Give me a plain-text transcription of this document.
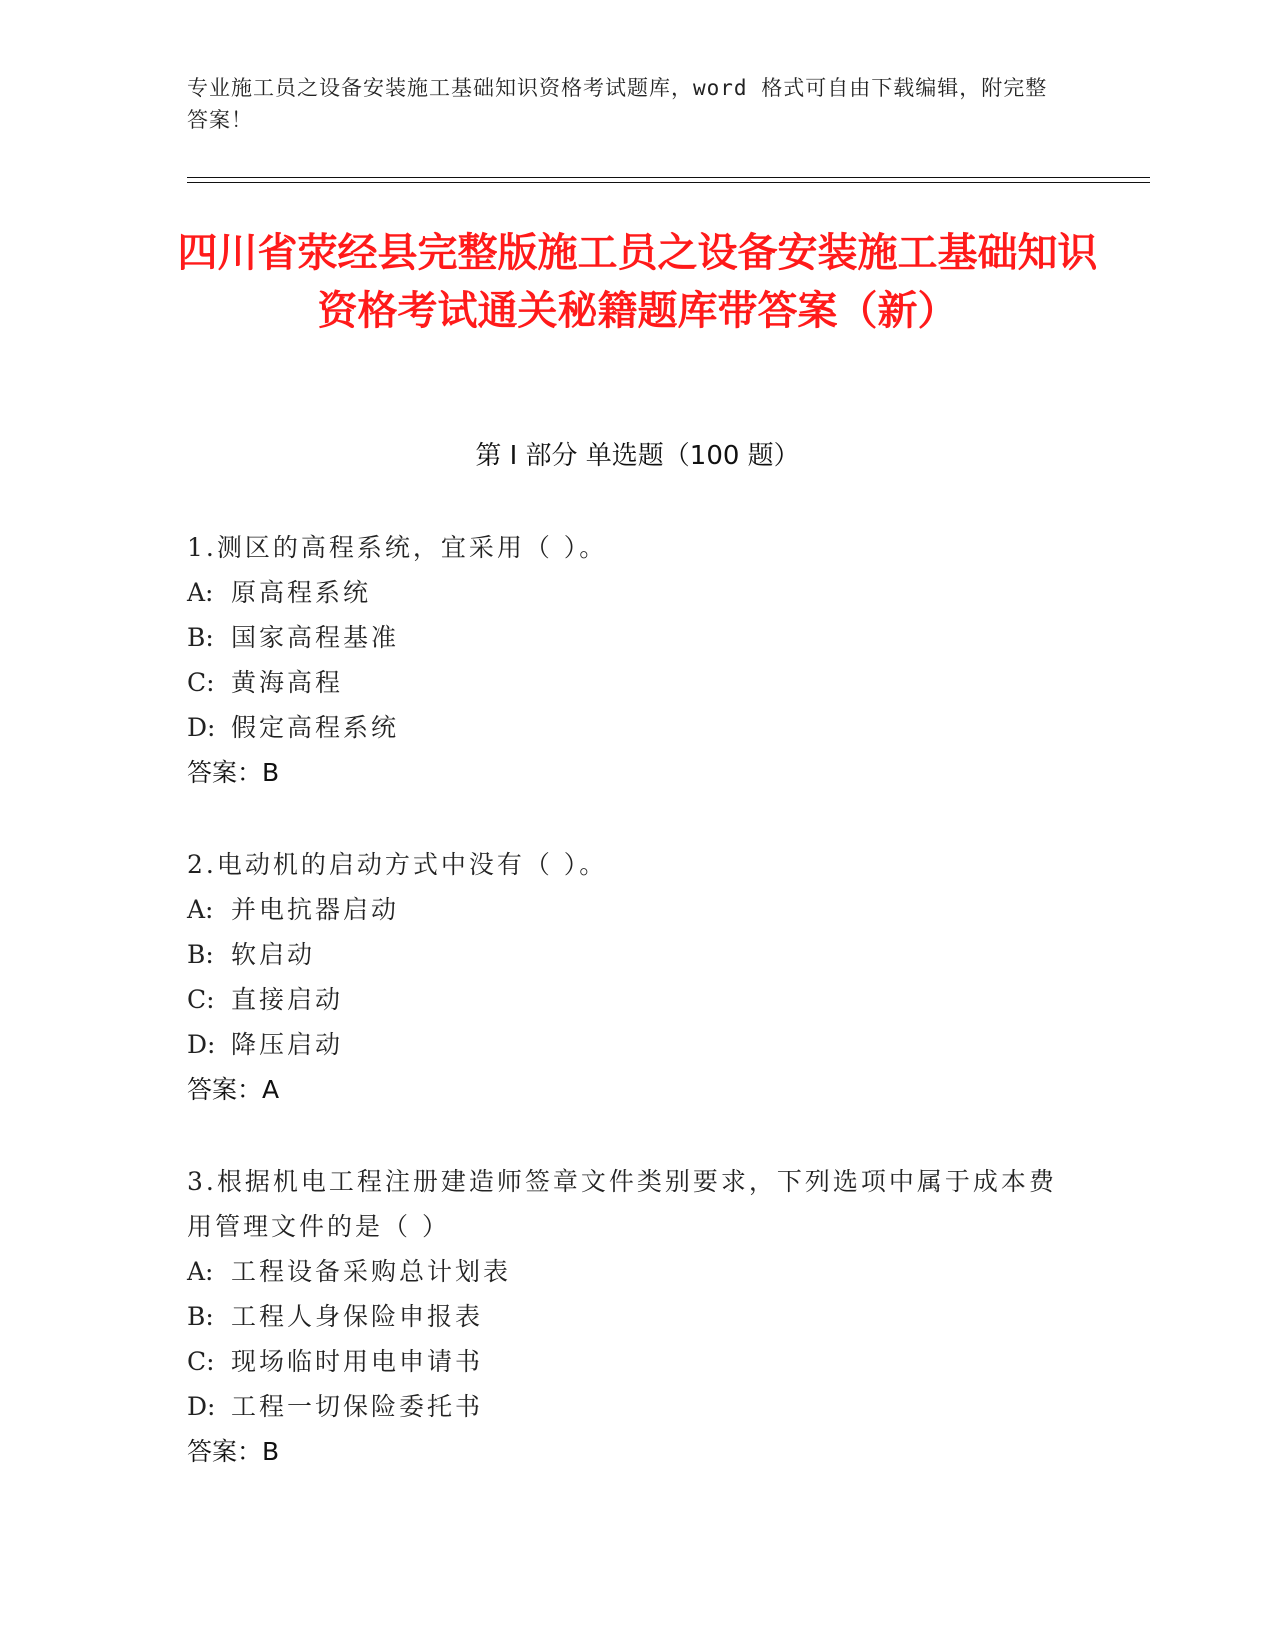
专业施工员之设备安装施工基础知识资格考试题库，word 格式可自由下载编辑，附完整答案！
四川省荥经县完整版施工员之设备安装施工基础知识资格考试通关秘籍题库带答案（新）
第 I 部分 单选题（100 题）
1.测区的高程系统，宜采用（ ）。
A: 原高程系统
B: 国家高程基准
C: 黄海高程
D: 假定高程系统
答案：B
2.电动机的启动方式中没有（ ）。
A: 并电抗器启动
B: 软启动
C: 直接启动
D: 降压启动
答案：A
3.根据机电工程注册建造师签章文件类别要求，下列选项中属于成本费用管理文件的是（ ）
A: 工程设备采购总计划表
B: 工程人身保险申报表
C: 现场临时用电申请书
D: 工程一切保险委托书
答案：B
